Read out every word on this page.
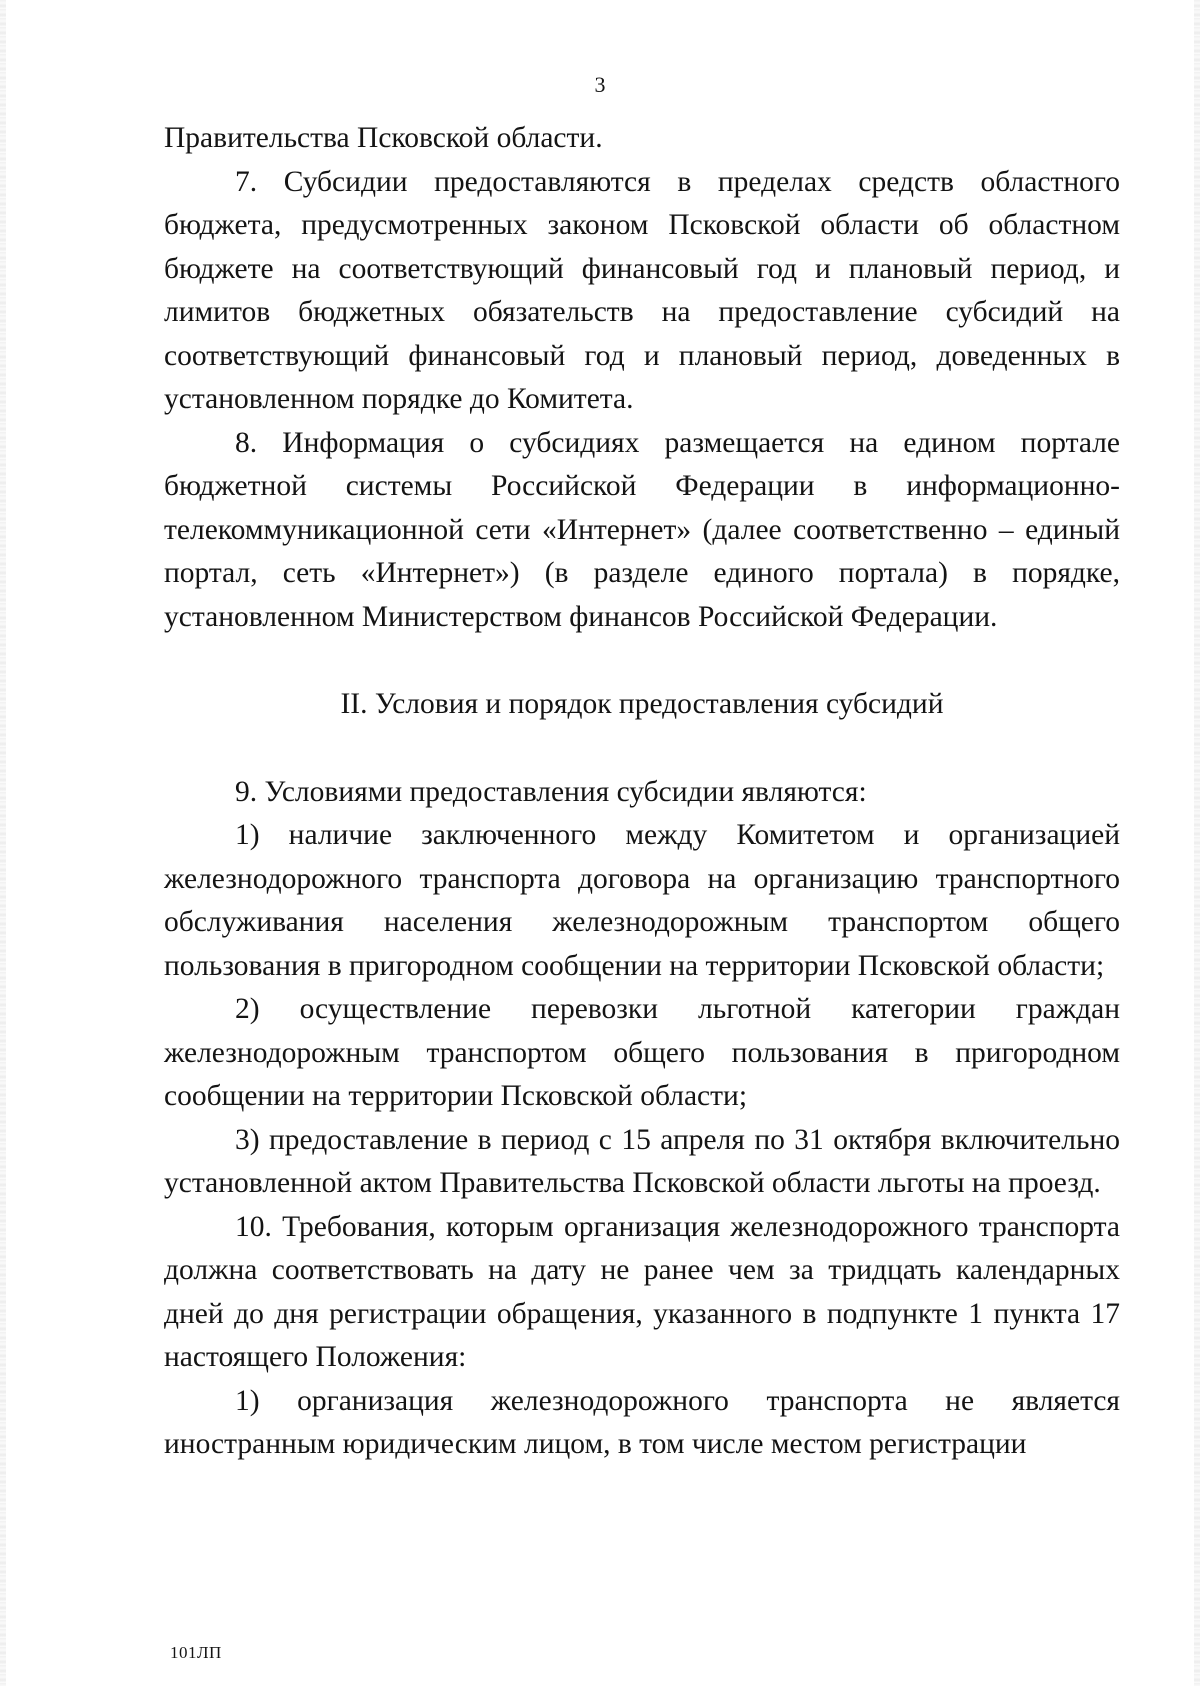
3

Правительства Псковской области.

7. Субсидии предоставляются в пределах средств областного бюджета, предусмотренных законом Псковской области об областном бюджете на соответствующий финансовый год и плановый период, и лимитов бюджетных обязательств на предоставление субсидий на соответствующий финансовый год и плановый период, доведенных в установленном порядке до Комитета.

8. Информация о субсидиях размещается на едином портале бюджетной системы Российской Федерации в информационно-телекоммуникационной сети «Интернет» (далее соответственно – единый портал, сеть «Интернет») (в разделе единого портала) в порядке, установленном Министерством финансов Российской Федерации.

II. Условия и порядок предоставления субсидий

9. Условиями предоставления субсидии являются:

1) наличие заключенного между Комитетом и организацией железнодорожного транспорта договора на организацию транспортного обслуживания населения железнодорожным транспортом общего пользования в пригородном сообщении на территории Псковской области;

2) осуществление перевозки льготной категории граждан железнодорожным транспортом общего пользования в пригородном сообщении на территории Псковской области;

3) предоставление в период с 15 апреля по 31 октября включительно установленной актом Правительства Псковской области льготы на проезд.

10. Требования, которым организация железнодорожного транспорта должна соответствовать на дату не ранее чем за тридцать календарных дней до дня регистрации обращения, указанного в подпункте 1 пункта 17 настоящего Положения:

1) организация железнодорожного транспорта не является иностранным юридическим лицом, в том числе местом регистрации

101ЛП
